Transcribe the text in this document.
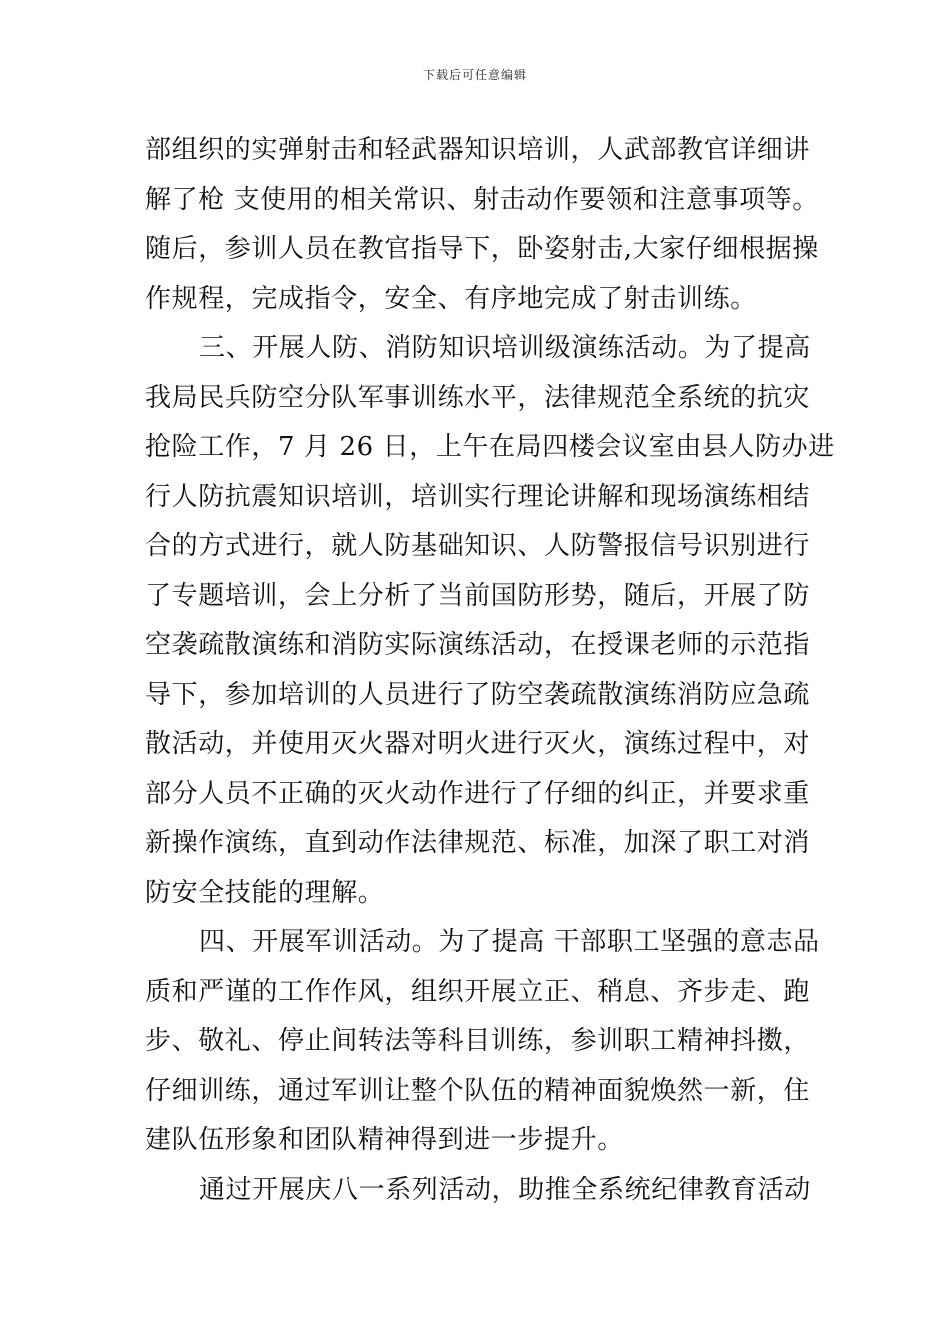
下载后可任意编辑
部组织的实弹射击和轻武器知识培训，人武部教官详细讲
解了枪 支使用的相关常识、射击动作要领和注意事项等。
随后，参训人员在教官指导下，卧姿射击,大家仔细根据操
作规程，完成指令，安全、有序地完成了射击训练。
三、开展人防、消防知识培训级演练活动。为了提高
我局民兵防空分队军事训练水平，法律规范全系统的抗灾
抢险工作，7 月 26 日，上午在局四楼会议室由县人防办进
行人防抗震知识培训，培训实行理论讲解和现场演练相结
合的方式进行，就人防基础知识、人防警报信号识别进行
了专题培训，会上分析了当前国防形势，随后，开展了防
空袭疏散演练和消防实际演练活动，在授课老师的示范指
导下，参加培训的人员进行了防空袭疏散演练消防应急疏
散活动，并使用灭火器对明火进行灭火，演练过程中，对
部分人员不正确的灭火动作进行了仔细的纠正，并要求重
新操作演练，直到动作法律规范、标准，加深了职工对消
防安全技能的理解。
四、开展军训活动。为了提高 干部职工坚强的意志品
质和严谨的工作作风，组织开展立正、稍息、齐步走、跑
步、敬礼、停止间转法等科目训练，参训职工精神抖擞，
仔细训练，通过军训让整个队伍的精神面貌焕然一新，住
建队伍形象和团队精神得到进一步提升。
通过开展庆八一系列活动，助推全系统纪律教育活动
